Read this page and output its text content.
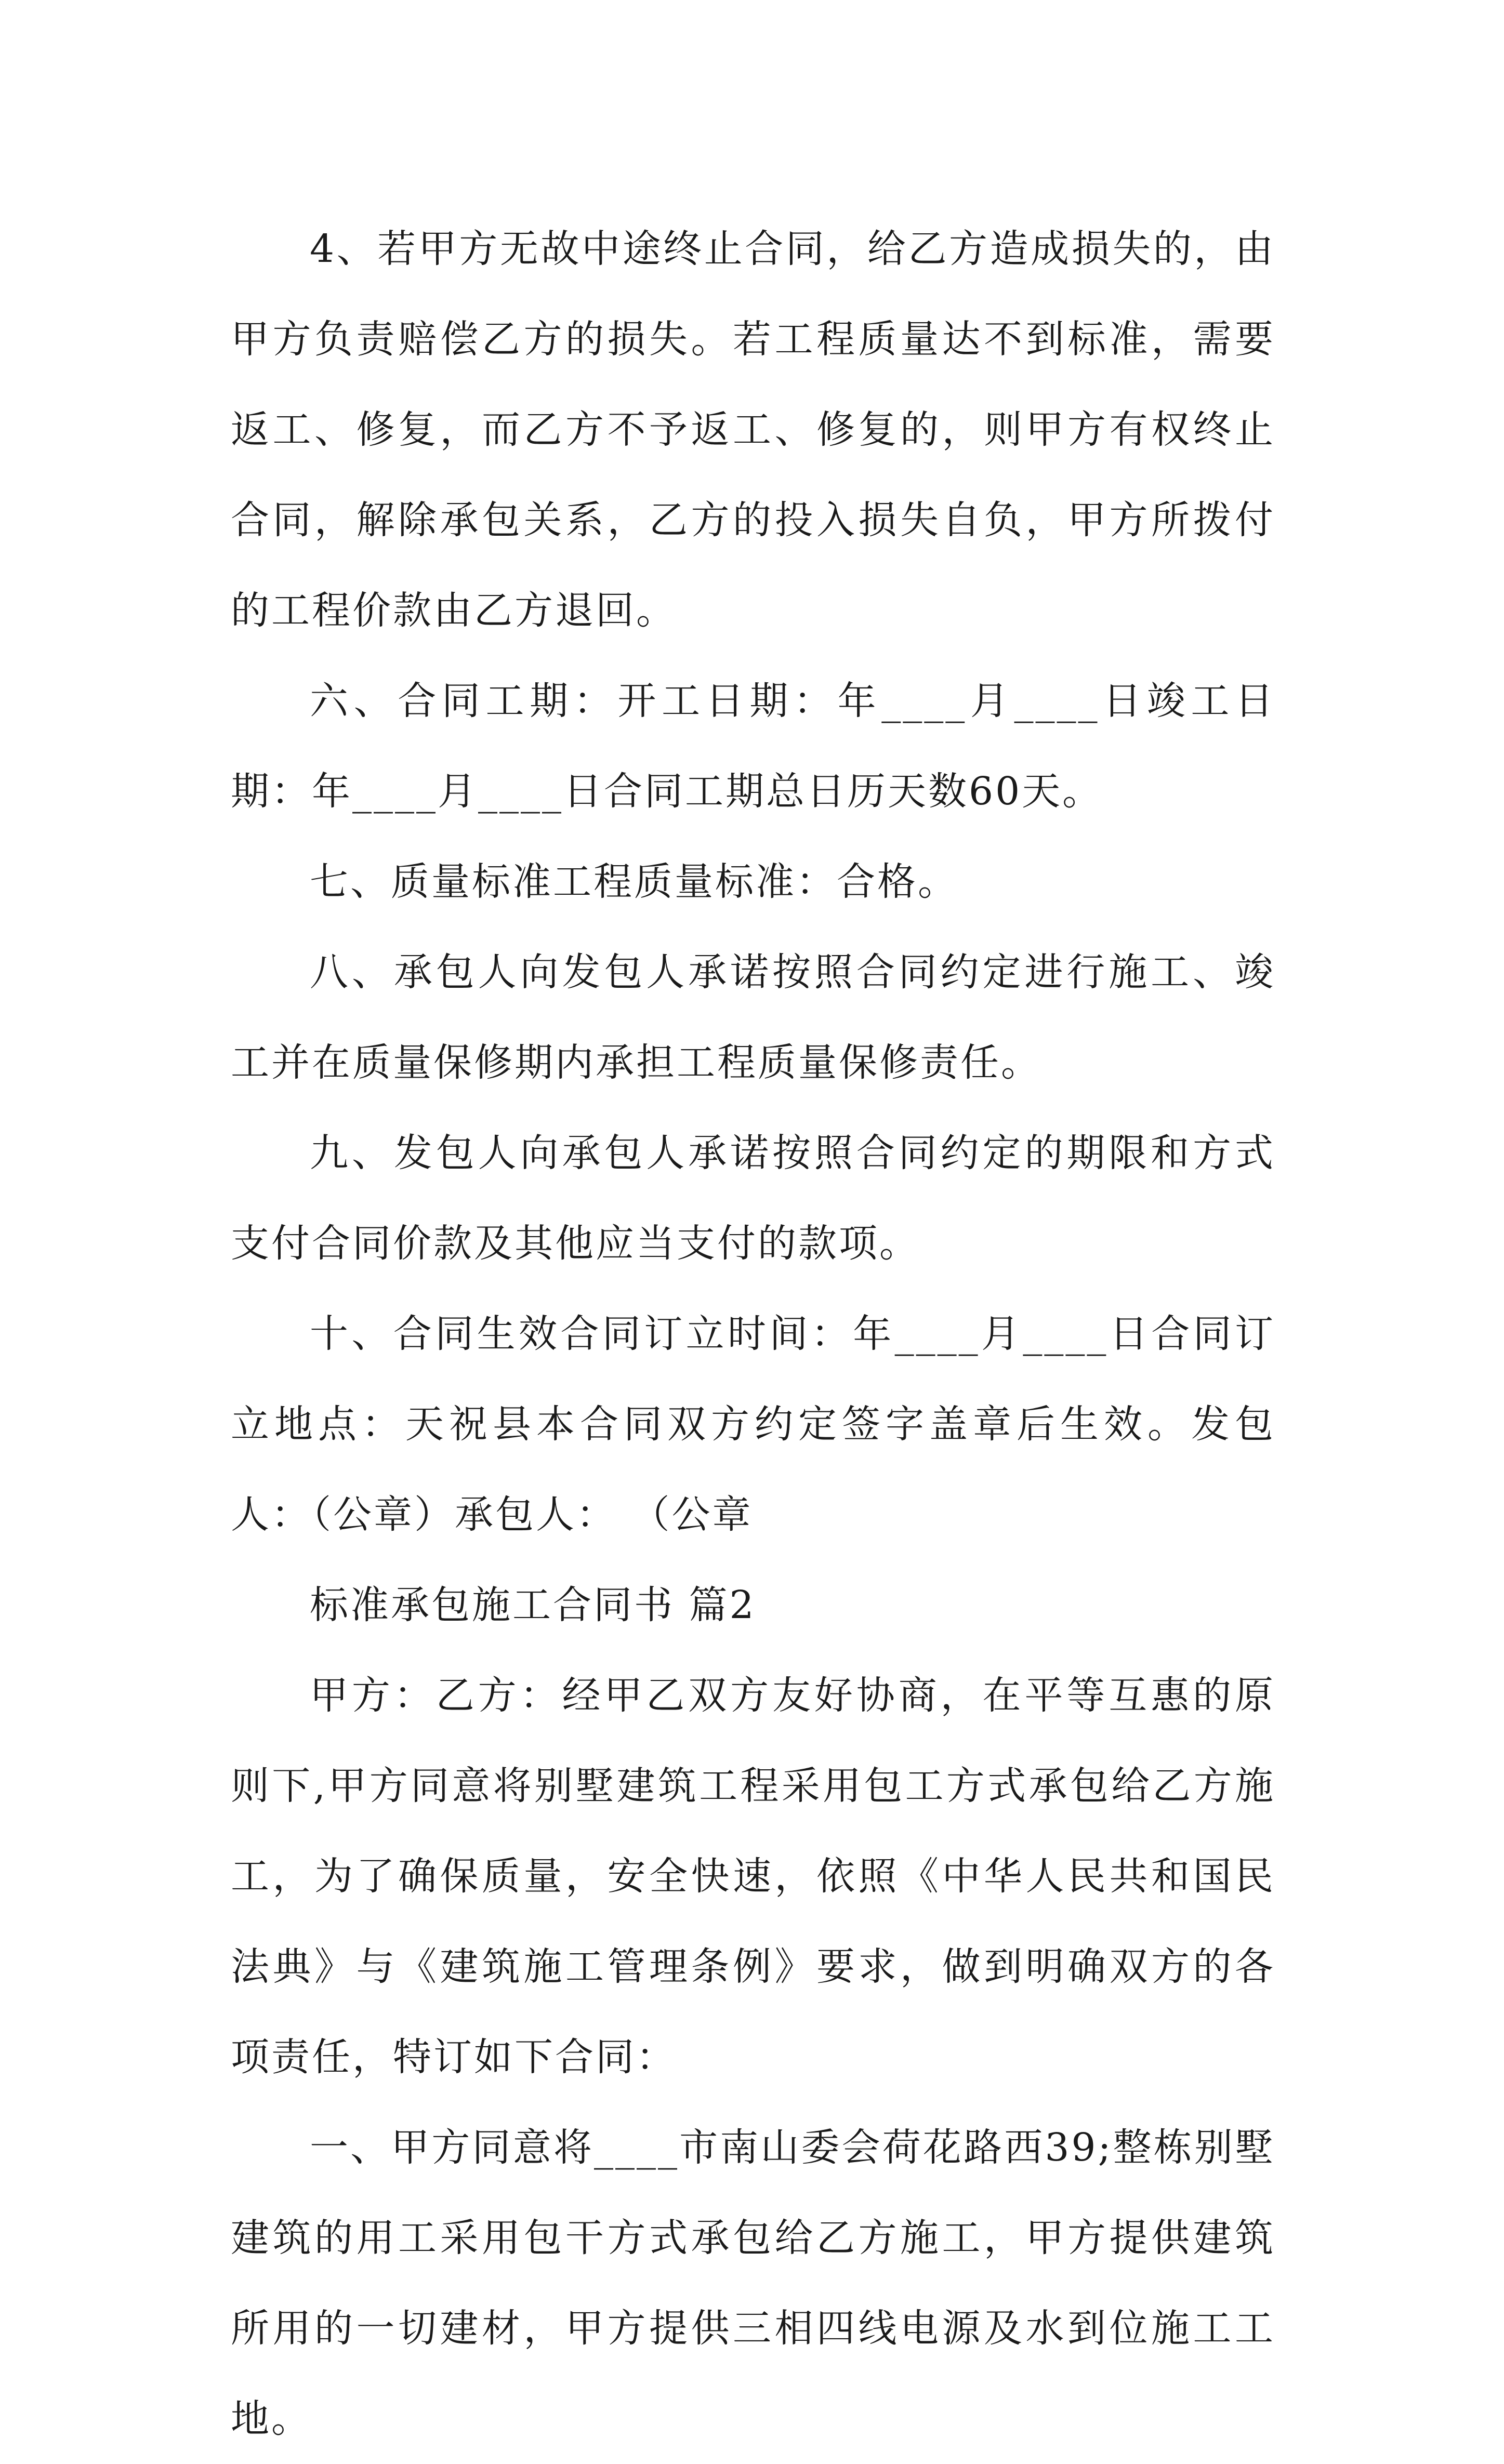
4、若甲方无故中途终止合同，给乙方造成损失的，由甲方负责赔偿乙方的损失。若工程质量达不到标准，需要返工、修复，而乙方不予返工、修复的，则甲方有权终止合同，解除承包关系，乙方的投入损失自负，甲方所拨付的工程价款由乙方退回。

六、合同工期：开工日期：年____月____日竣工日期：年____月____日合同工期总日历天数60天。

七、质量标准工程质量标准：合格。

八、承包人向发包人承诺按照合同约定进行施工、竣工并在质量保修期内承担工程质量保修责任。

九、发包人向承包人承诺按照合同约定的期限和方式支付合同价款及其他应当支付的款项。

十、合同生效合同订立时间：年____月____日合同订立地点：天祝县本合同双方约定签字盖章后生效。发包人：（公章）承包人： （公章

标准承包施工合同书 篇2

甲方：乙方：经甲乙双方友好协商，在平等互惠的原则下,甲方同意将别墅建筑工程采用包工方式承包给乙方施工，为了确保质量，安全快速，依照《中华人民共和国民法典》与《建筑施工管理条例》要求，做到明确双方的各项责任，特订如下合同：

一、甲方同意将____市南山委会荷花路西39;整栋别墅建筑的用工采用包干方式承包给乙方施工，甲方提供建筑所用的一切建材，甲方提供三相四线电源及水到位施工工地。
